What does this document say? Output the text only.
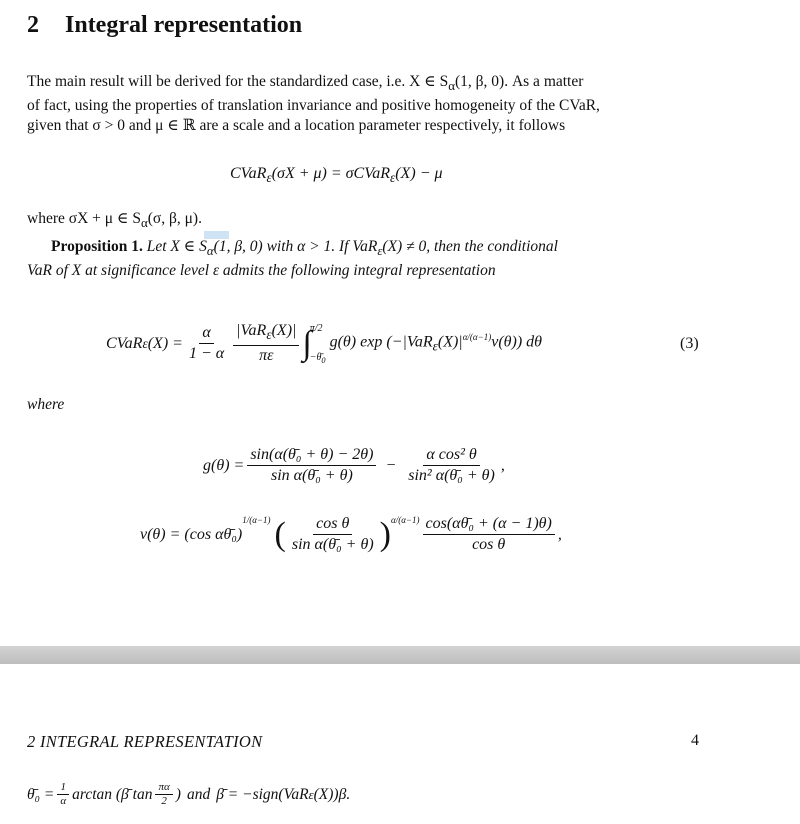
2 Integral representation
The main result will be derived for the standardized case, i.e. X ∈ $S_\alpha(1$, β, 0). As a matter
of fact, using the properties of translation invariance and positive homogeneity of the CVaR,
given that σ > 0 and μ ∈ ℝ are a scale and a location parameter respectively, it follows
CVaR$_\varepsilon$(σX + μ) = σCVaR$_\varepsilon$(X) − μ
where σX + μ ∈ $S_\alpha(\sigma$, β, μ).
Proposition 1. Let X ∈ $S_\alpha(1$, β, 0) with α > 1. If VaR$_\varepsilon$(X) ≠ 0, then the conditional
VaR of X at significance level ε admits the following integral representation
CVaR ε $(X) = \frac{\alpha}{1 - \alpha} \frac{|VaR_\varepsilon(X)|}{\pi\varepsilon}$ ∫
π/2
$-\thetā_0$
g(θ) $\exp (-|VaR_\varepsilon(X)|^{\alpha/(\alpha-1)}v(\theta))$ dθ	(3)
where
$g(\theta) = \frac{\text{sin(α(θ̄₀ + θ) − 2θ)}}{\text{sin α(θ̄₀ + θ)}} - \frac{\text{α cos² θ}}{\text{sin² α(θ̄₀ + θ)}}$ ,
v(θ) = (cos αθ̄₀)
1/(α−1) ( $\frac{\text{cos θ}}{\text{sin α(θ̄₀ + θ)}} )^{\alpha/(\alpha-1)} \frac{\text{cos(αθ̄₀ + (α − 1)θ)}}{\text{cos θ}}$ ,
2 INTEGRAL REPRESENTATION	4
θ̄₀ = $\frac{1}{\alpha}$ arctan (β̄ $\tan \frac{\pi\alpha}{2}$ ) and β̄ = −sign(VaR ε (X))β.
